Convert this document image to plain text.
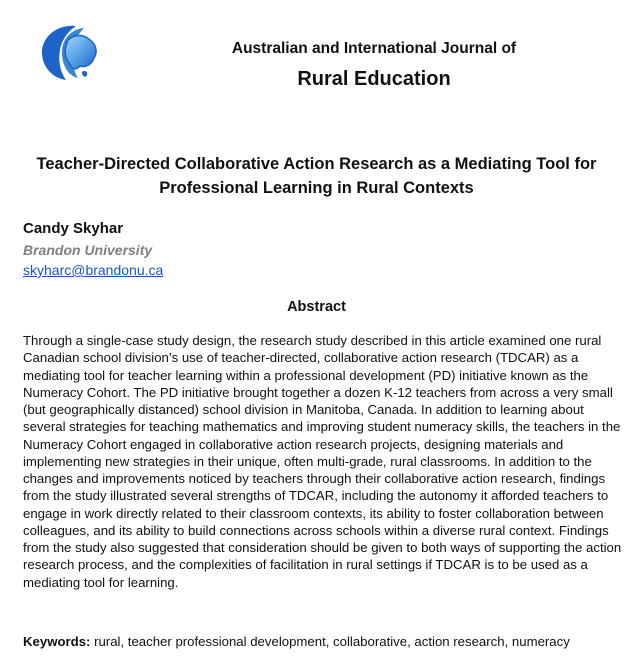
Australian and International Journal of
Rural Education
Teacher-Directed Collaborative Action Research as a Mediating Tool for Professional Learning in Rural Contexts
Candy Skyhar
Brandon University
skyharc@brandonu.ca
Abstract

Through a single-case study design, the research study described in this article examined one rural Canadian school division’s use of teacher-directed, collaborative action research (TDCAR) as a mediating tool for teacher learning within a professional development (PD) initiative known as the Numeracy Cohort. The PD initiative brought together a dozen K-12 teachers from across a very small (but geographically distanced) school division in Manitoba, Canada. In addition to learning about several strategies for teaching mathematics and improving student numeracy skills, the teachers in the Numeracy Cohort engaged in collaborative action research projects, designing materials and implementing new strategies in their unique, often multi-grade, rural classrooms. In addition to the changes and improvements noticed by teachers through their collaborative action research, findings from the study illustrated several strengths of TDCAR, including the autonomy it afforded teachers to engage in work directly related to their classroom contexts, its ability to foster collaboration between colleagues, and its ability to build connections across schools within a diverse rural context. Findings from the study also suggested that consideration should be given to both ways of supporting the action research process, and the complexities of facilitation in rural settings if TDCAR is to be used as a mediating tool for learning.

Keywords: rural, teacher professional development, collaborative, action research, numeracy
